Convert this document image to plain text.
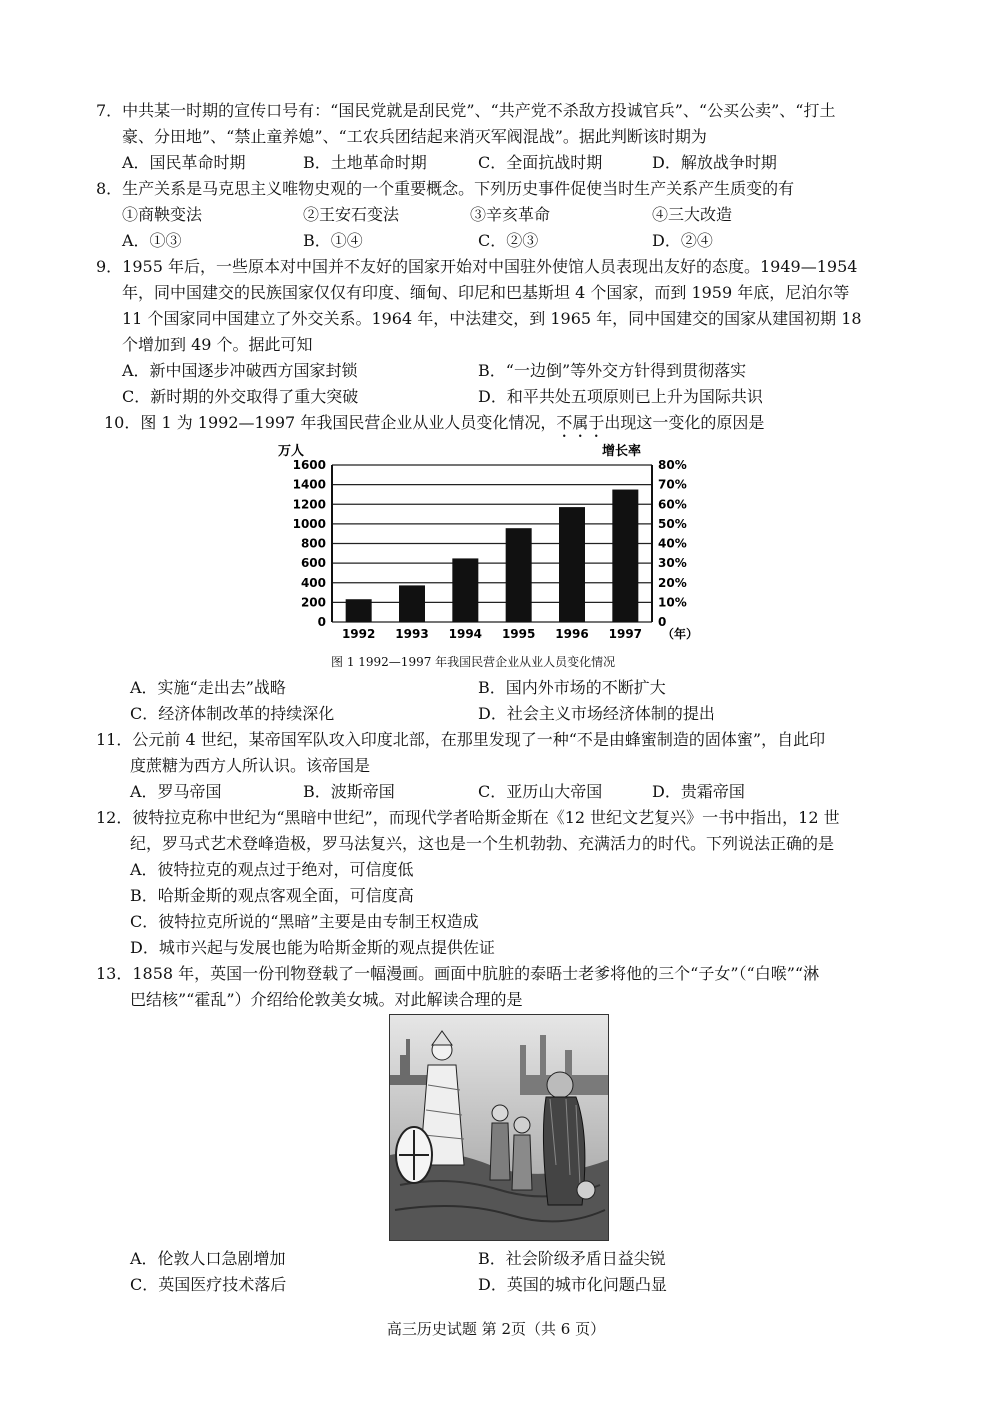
7．中共某一时期的宣传口号有：“国民党就是刮民党”、“共产党不杀敌方投诚官兵”、“公买公卖”、“打土
豪、分田地”、“禁止童养媳”、“工农兵团结起来消灭军阀混战”。据此判断该时期为
A．国民革命时期	B．土地革命时期	C．全面抗战时期	D．解放战争时期
8．生产关系是马克思主义唯物史观的一个重要概念。下列历史事件促使当时生产关系产生质变的有
①商鞅变法	②王安石变法	③辛亥革命	④三大改造
A．①③	B．①④	C．②③	D．②④
9．1955 年后，一些原本对中国并不友好的国家开始对中国驻外使馆人员表现出友好的态度。1949—1954
年，同中国建交的民族国家仅仅有印度、缅甸、印尼和巴基斯坦 4 个国家，而到 1959 年底，尼泊尔等
11 个国家同中国建立了外交关系。1964 年，中法建交，到 1965 年，同中国建交的国家从建国初期 18
个增加到 49 个。据此可知
A．新中国逐步冲破西方国家封锁	B．“一边倒”等外交方针得到贯彻落实
C．新时期的外交取得了重大突破	D．和平共处五项原则已上升为国际共识
10．图 1 为 1992—1997 年我国民营企业从业人员变化情况，不属于出现这一变化的原因是
0
200
400
600
800
1000
1200
1400
1600
0
10%
20%
30%
40%
50%
60%
70%
80%
1992 1993 1994 1995 1996 1997
万人	增长率
（年）
图 1 1992—1997 年我国民营企业从业人员变化情况
A．实施“走出去”战略	B．国内外市场的不断扩大
C．经济体制改革的持续深化	D．社会主义市场经济体制的提出
11．公元前 4 世纪，某帝国军队攻入印度北部，在那里发现了一种“不是由蜂蜜制造的固体蜜”，自此印
度蔗糖为西方人所认识。该帝国是
A．罗马帝国	B．波斯帝国	C．亚历山大帝国	D．贵霜帝国
12．彼特拉克称中世纪为“黑暗中世纪”，而现代学者哈斯金斯在《12 世纪文艺复兴》一书中指出，12 世
纪，罗马式艺术登峰造极，罗马法复兴，这也是一个生机勃勃、充满活力的时代。下列说法正确的是
A．彼特拉克的观点过于绝对，可信度低
B．哈斯金斯的观点客观全面，可信度高
C．彼特拉克所说的“黑暗”主要是由专制王权造成
D．城市兴起与发展也能为哈斯金斯的观点提供佐证
13．1858 年，英国一份刊物登载了一幅漫画。画面中肮脏的泰晤士老爹将他的三个“子女”（“白喉”“淋
巴结核”“霍乱”）介绍给伦敦美女城。对此解读合理的是
A．伦敦人口急剧增加	B．社会阶级矛盾日益尖锐
C．英国医疗技术落后	D．英国的城市化问题凸显
高三历史试题 第 2页（共 6 页）
